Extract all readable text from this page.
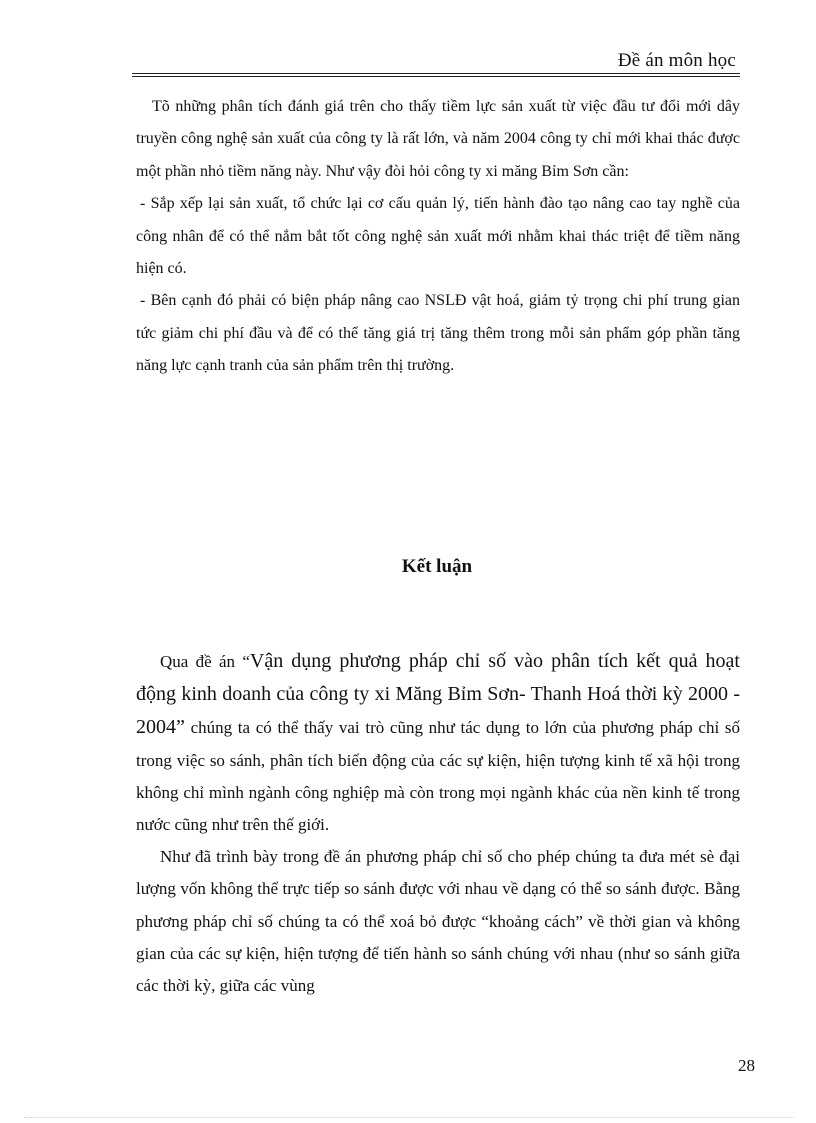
Đề án môn học

Tõ những phân tích đánh giá trên cho thấy tiềm lực sản xuất từ việc đầu tư đổi mới dây truyền công nghệ sản xuất của công ty là rất lớn, và năm 2004 công ty chỉ mới khai thác được một phần nhỏ tiềm năng này. Như vậy đòi hỏi công ty xi măng Bỉm Sơn cần:

- Sắp xếp lại sản xuất, tổ chức lại cơ cấu quản lý, tiến hành đào tạo nâng cao tay nghề của công nhân để có thể nắm bắt tốt công nghệ sản xuất mới nhằm khai thác triệt để tiềm năng hiện có.

- Bên cạnh đó phải có biện pháp nâng cao NSLĐ vật hoá, giảm tỷ trọng chi phí trung gian tức giảm chi phí đầu và để có thể tăng giá trị tăng thêm trong mỗi sản phẩm góp phần tăng năng lực cạnh tranh của sản phẩm trên thị trường.

Kết luận

Qua đề án “Vận dụng phương pháp chỉ số vào phân tích kết quả hoạt động kinh doanh của công ty xi Măng Bỉm Sơn- Thanh Hoá thời kỳ 2000 - 2004” chúng ta có thể thấy vai trò cũng như tác dụng to lớn của phương pháp chỉ số trong việc so sánh, phân tích biến động của các sự kiện, hiện tượng kinh tế xã hội trong không chỉ mình ngành công nghiệp mà còn trong mọi ngành khác của nền kinh tế trong nước cũng như trên thế giới.

Như đã trình bày trong đề án phương pháp chỉ số cho phép chúng ta đưa mét sè đại lượng vốn không thể trực tiếp so sánh được với nhau về dạng có thể so sánh được. Bằng phương pháp chỉ số chúng ta có thể xoá bỏ được “khoảng cách” về thời gian và không gian của các sự kiện, hiện tượng để tiến hành so sánh chúng với nhau (như so sánh giữa các thời kỳ, giữa các vùng

28
